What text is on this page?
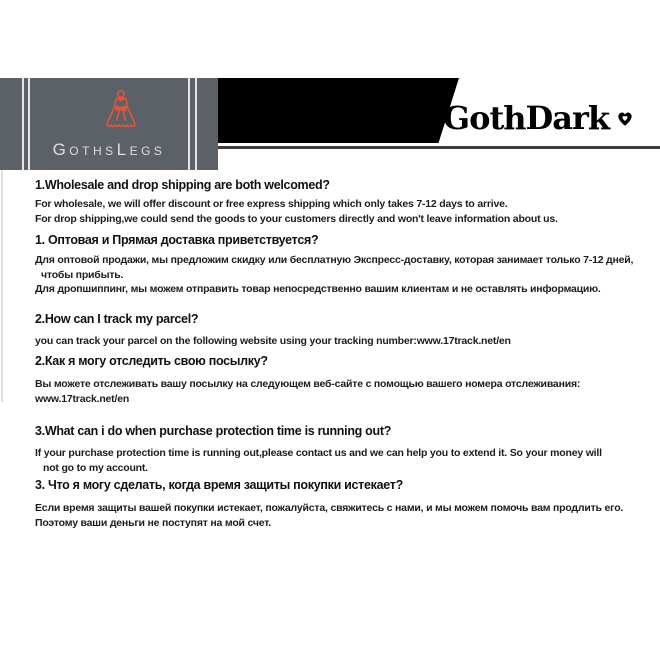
GothsLegs
GothDark

1.Wholesale and drop shipping are both welcomed?

For wholesale, we will offer discount or free express shipping which only takes 7-12 days to arrive.

For drop shipping,we could send the goods to your customers directly and won't leave information about us.

1. Оптовая и Прямая доставка приветствуется?

Для оптовой продажи, мы предложим скидку или бесплатную Экспресс-доставку, которая занимает только 7-12 дней,

чтобы прибыть.

Для дропшиппинг, мы можем отправить товар непосредственно вашим клиентам и не оставлять информацию.

2.How can I track my parcel?

you can track your parcel on the following website using your tracking number:www.17track.net/en

2.Как я могу отследить свою посылку?

Вы можете отслеживать вашу посылку на следующем веб-сайте с помощью вашего номера отслеживания: www.17track.net/en

3.What can i do when purchase protection time is running out?

If your purchase protection time is running out,please contact us and we can help you to extend it. So your money will

not go to my account.

3. Что я могу сделать, когда время защиты покупки истекает?

Если время защиты вашей покупки истекает, пожалуйста, свяжитесь с нами, и мы можем помочь вам продлить его.

Поэтому ваши деньги не поступят на мой счет.
